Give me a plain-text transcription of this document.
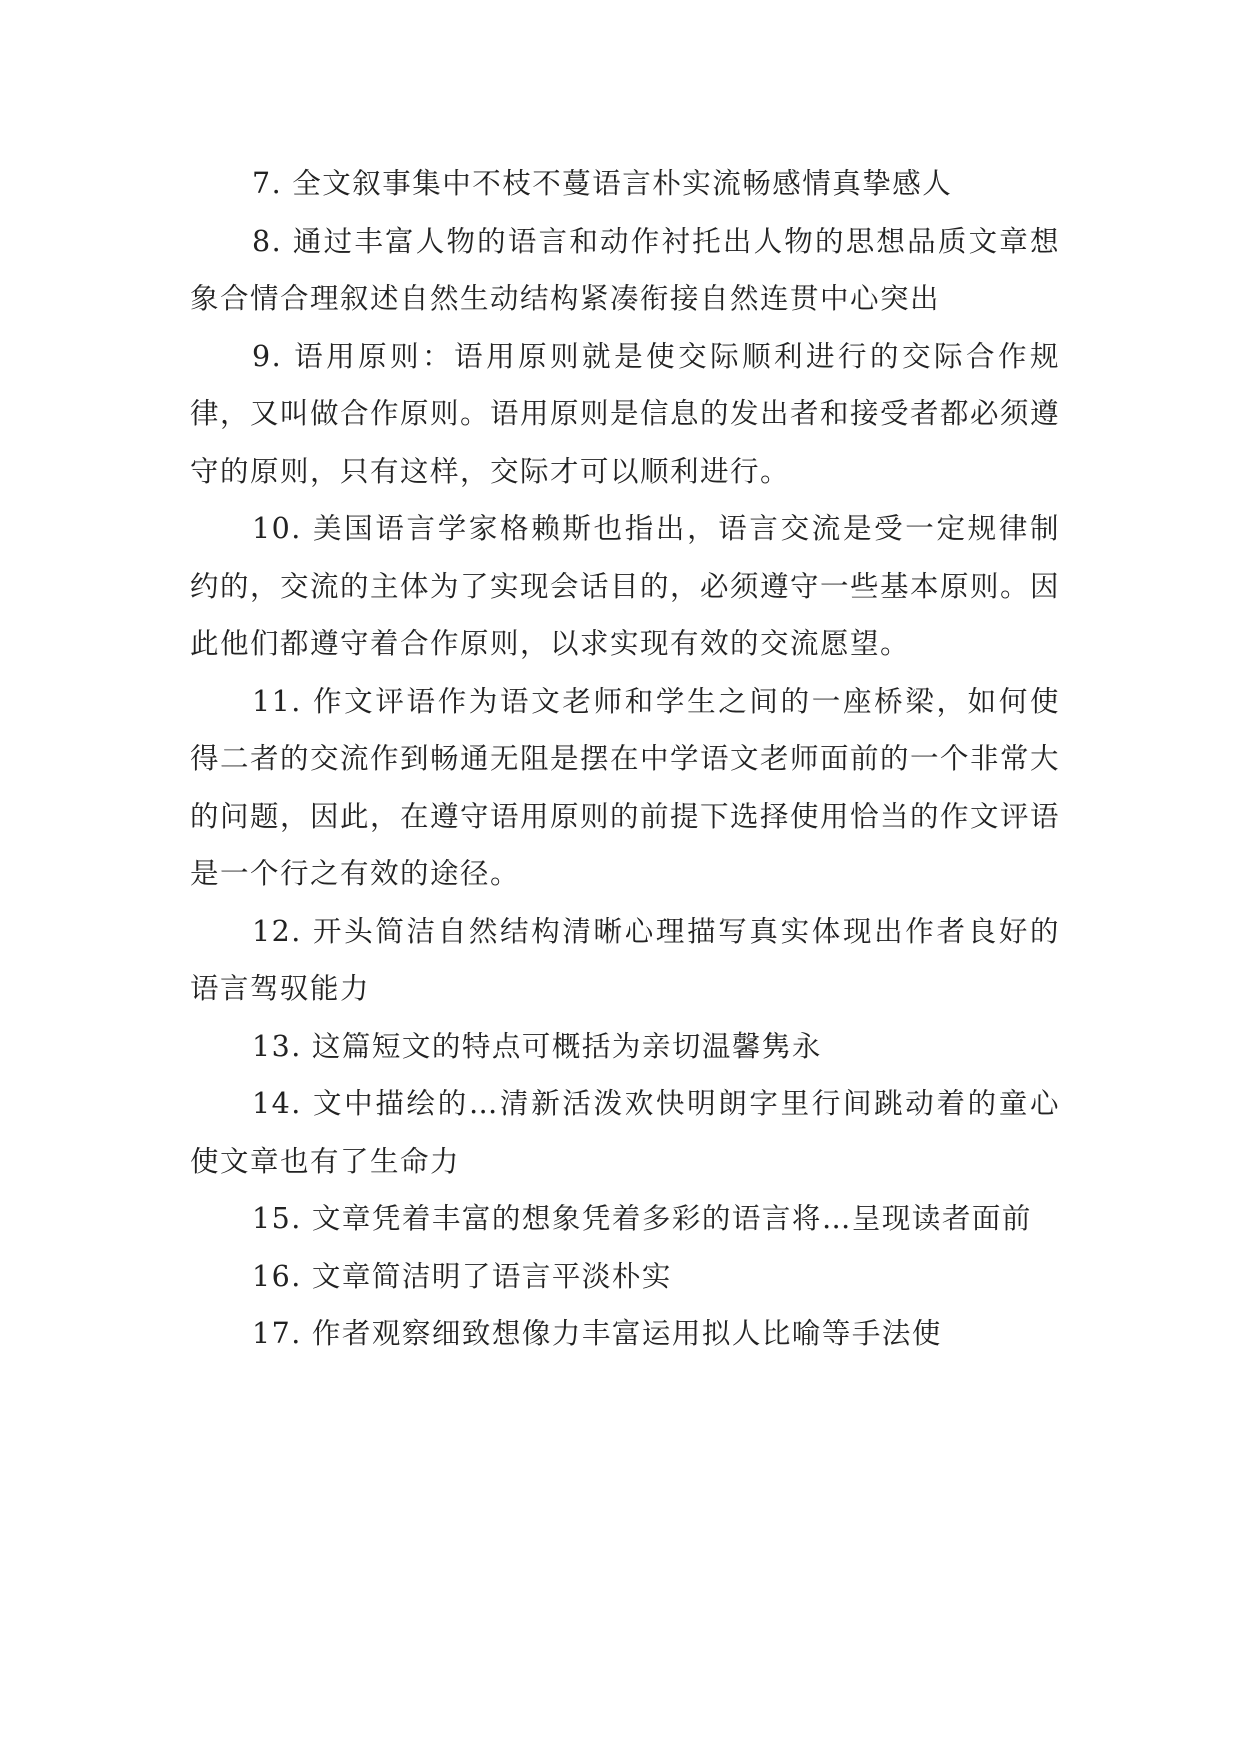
7. 全文叙事集中不枝不蔓语言朴实流畅感情真挚感人

8. 通过丰富人物的语言和动作衬托出人物的思想品质文章想象合情合理叙述自然生动结构紧凑衔接自然连贯中心突出

9. 语用原则：语用原则就是使交际顺利进行的交际合作规律，又叫做合作原则。语用原则是信息的发出者和接受者都必须遵守的原则，只有这样，交际才可以顺利进行。

10. 美国语言学家格赖斯也指出，语言交流是受一定规律制约的，交流的主体为了实现会话目的，必须遵守一些基本原则。因此他们都遵守着合作原则，以求实现有效的交流愿望。

11. 作文评语作为语文老师和学生之间的一座桥梁，如何使得二者的交流作到畅通无阻是摆在中学语文老师面前的一个非常大的问题，因此，在遵守语用原则的前提下选择使用恰当的作文评语是一个行之有效的途径。

12. 开头简洁自然结构清晰心理描写真实体现出作者良好的语言驾驭能力

13. 这篇短文的特点可概括为亲切温馨隽永

14. 文中描绘的…清新活泼欢快明朗字里行间跳动着的童心使文章也有了生命力

15. 文章凭着丰富的想象凭着多彩的语言将…呈现读者面前

16. 文章简洁明了语言平淡朴实

17. 作者观察细致想像力丰富运用拟人比喻等手法使
